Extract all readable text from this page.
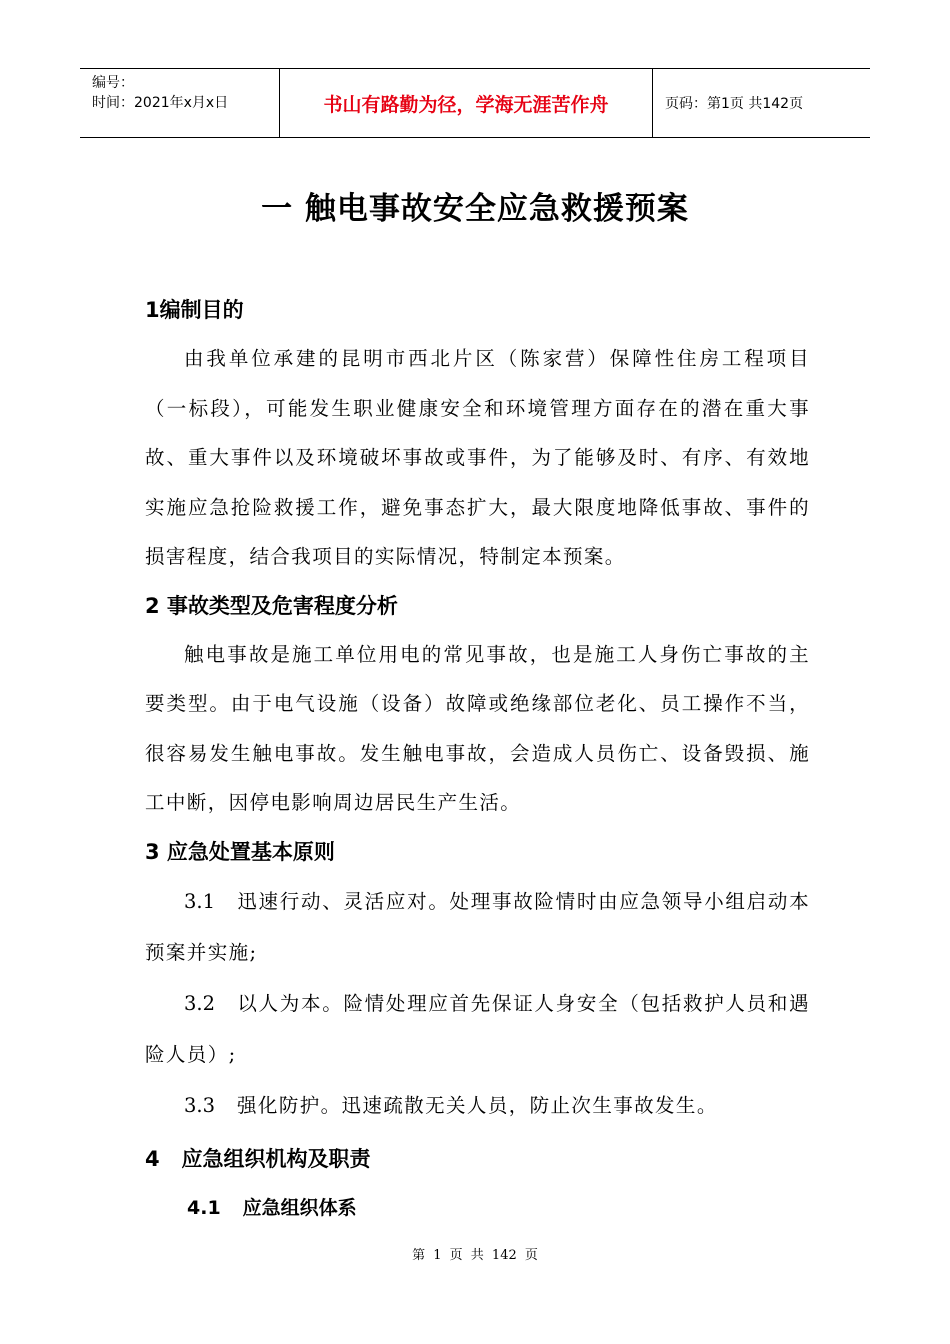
编号：
时间：2021年x月x日	书山有路勤为径，学海无涯苦作舟	页码：第1页 共142页
一 触电事故安全应急救援预案
1编制目的
由我单位承建的昆明市西北片区（陈家营）保障性住房工程项目（一标段），可能发生职业健康安全和环境管理方面存在的潜在重大事故、重大事件以及环境破坏事故或事件，为了能够及时、有序、有效地实施应急抢险救援工作，避免事态扩大，最大限度地降低事故、事件的损害程度，结合我项目的实际情况，特制定本预案。
2 事故类型及危害程度分析
触电事故是施工单位用电的常见事故，也是施工人身伤亡事故的主要类型。由于电气设施（设备）故障或绝缘部位老化、员工操作不当，很容易发生触电事故。发生触电事故，会造成人员伤亡、设备毁损、施工中断，因停电影响周边居民生产生活。
3 应急处置基本原则
3.1 迅速行动、灵活应对。处理事故险情时由应急领导小组启动本预案并实施;
3.2 以人为本。险情处理应首先保证人身安全（包括救护人员和遇险人员）;
3.3 强化防护。迅速疏散无关人员，防止次生事故发生。
4   应急组织机构及职责
4.1 应急组织体系
第 1 页 共 142 页
